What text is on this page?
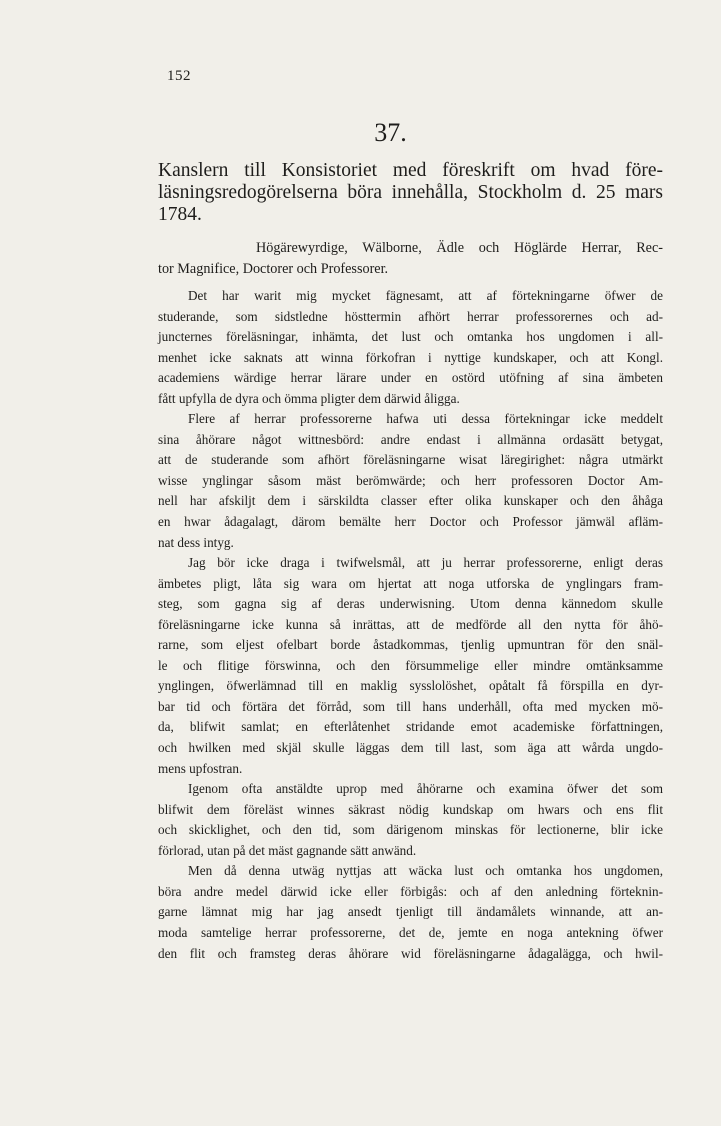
152
37.
Kanslern till Konsistoriet med föreskrift om hvad före-
läsningsredogörelserna böra innehålla, Stockholm d. 25 mars
1784.
Högärewyrdige, Wälborne, Ädle och Höglärde Herrar, Rec-
tor Magnifice, Doctorer och Professorer.
Det har warit mig mycket fägnesamt, att af förtekningarne öfwer de
studerande, som sidstledne hösttermin afhört herrar professorernes och ad-
juncternes föreläsningar, inhämta, det lust och omtanka hos ungdomen i all-
menhet icke saknats att winna förkofran i nyttige kundskaper, och att Kongl.
academiens wärdige herrar lärare under en ostörd utöfning af sina ämbeten
fått upfylla de dyra och ömma pligter dem därwid åligga.
Flere af herrar professorerne hafwa uti dessa förtekningar icke meddelt
sina åhörare något wittnesbörd: andre endast i allmänna ordasätt betygat,
att de studerande som afhört föreläsningarne wisat läregirighet: några utmärkt
wisse ynglingar såsom mäst berömwärde; och herr professoren Doctor Am-
nell har afskiljt dem i särskildta classer efter olika kunskaper och den åhåga
en hwar ådagalagt, därom bemälte herr Doctor och Professor jämwäl afläm-
nat dess intyg.
Jag bör icke draga i twifwelsmål, att ju herrar professorerne, enligt deras
ämbetes pligt, låta sig wara om hjertat att noga utforska de ynglingars fram-
steg, som gagna sig af deras underwisning. Utom denna kännedom skulle
föreläsningarne icke kunna så inrättas, att de medförde all den nytta för åhö-
rarne, som eljest ofelbart borde åstadkommas, tjenlig upmuntran för den snäl-
le och flitige förswinna, och den försummelige eller mindre omtänksamme
ynglingen, öfwerlämnad till en maklig sysslolöshet, opåtalt få förspilla en dyr-
bar tid och förtära det förråd, som till hans underhåll, ofta med mycken mö-
da, blifwit samlat; en efterlåtenhet stridande emot academiske författningen,
och hwilken med skjäl skulle läggas dem till last, som äga att wårda ungdo-
mens upfostran.
Igenom ofta anstäldte uprop med åhörarne och examina öfwer det som
blifwit dem föreläst winnes säkrast nödig kundskap om hwars och ens flit
och skicklighet, och den tid, som därigenom minskas för lectionerne, blir icke
förlorad, utan på det mäst gagnande sätt anwänd.
Men då denna utwäg nyttjas att wäcka lust och omtanka hos ungdomen,
böra andre medel därwid icke eller förbigås: och af den anledning förteknin-
garne lämnat mig har jag ansedt tjenligt till ändamålets winnande, att an-
moda samtelige herrar professorerne, det de, jemte en noga antekning öfwer
den flit och framsteg deras åhörare wid föreläsningarne ådagalägga, och hwil-
